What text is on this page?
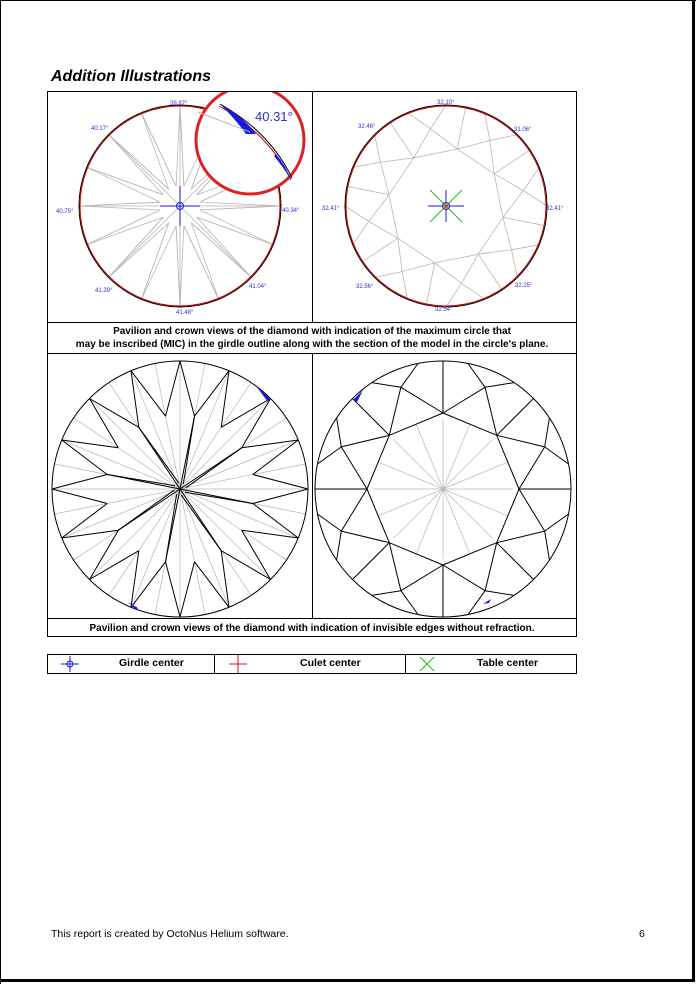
Addition Illustrations
39.87°
40.17°
40.75°
41.39°
41.48°
41.04°
40.34°
40.31°
32.10°
32.46°	31.06°
32.41°	32.41°
32.56°
32.54°
32.25°
Pavilion and crown views of the diamond with indication of the maximum circle that
may be inscribed (MIC) in the girdle outline along with the section of the model in the circle's plane.
Pavilion and crown views of the diamond with indication of invisible edges without refraction.
Girdle center	Culet center	Table center
This report is created by OctoNus Helium software.	6
